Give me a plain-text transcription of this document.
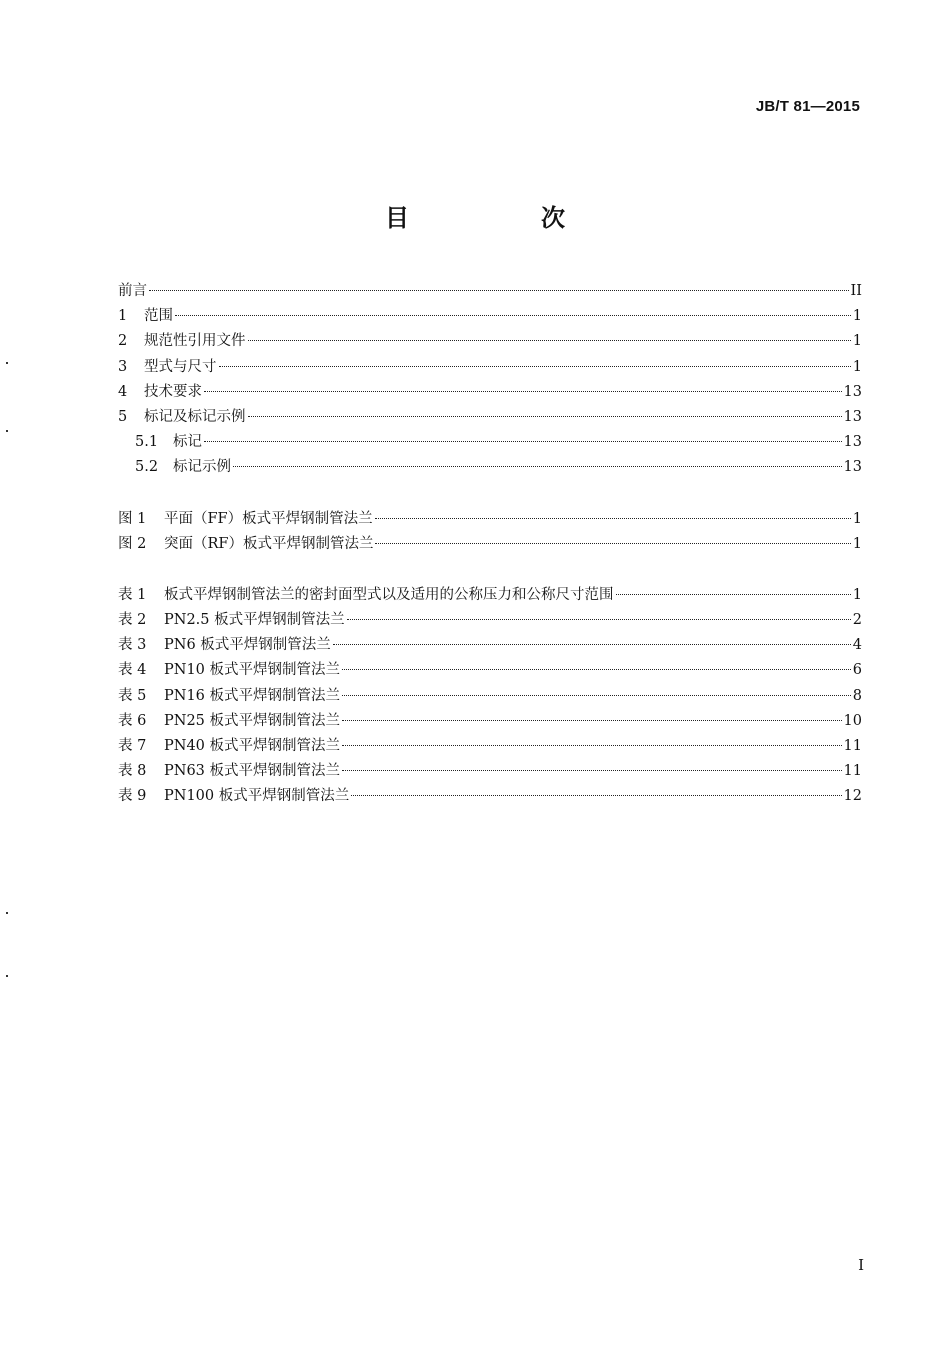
JB/T 81—2015
目　次
前言	II
1	范围	1
2	规范性引用文件	1
3	型式与尺寸	1
4	技术要求	13
5	标记及标记示例	13
5.1	标记	13
5.2	标记示例	13
图 1	平面（FF）板式平焊钢制管法兰	1
图 2	突面（RF）板式平焊钢制管法兰	1
表 1	板式平焊钢制管法兰的密封面型式以及适用的公称压力和公称尺寸范围	1
表 2	PN2.5 板式平焊钢制管法兰	2
表 3	PN6 板式平焊钢制管法兰	4
表 4	PN10 板式平焊钢制管法兰	6
表 5	PN16 板式平焊钢制管法兰	8
表 6	PN25 板式平焊钢制管法兰	10
表 7	PN40 板式平焊钢制管法兰	11
表 8	PN63 板式平焊钢制管法兰	11
表 9	PN100 板式平焊钢制管法兰	12
I
